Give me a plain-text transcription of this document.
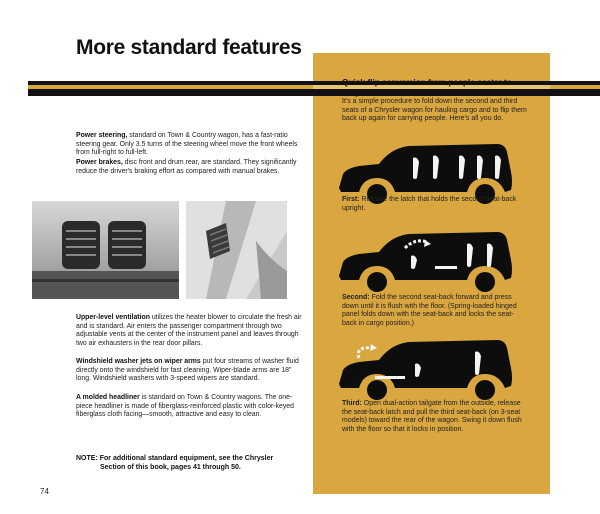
More standard features
Quick-flip conversion from people-seater to cargo carrier
It's a simple procedure to fold down the second and third seats of a Chrysler wagon for hauling cargo and to flip them back up again for carrying people. Here's all you do.
First: Release the latch that holds the second seat-back upright.
Second: Fold the second seat-back forward and press down until it is flush with the floor. (Spring-loaded hinged panel folds down with the seat-back and locks the seat-back in cargo position.)
Third: Open dual-action tailgate from the outside, release the seat-back latch and pull the third seat-back (on 3-seat models) toward the rear of the wagon. Swing it down flush with the floor so that it locks in position.
Power steering, standard on Town & Country wagon, has a fast-ratio steering gear. Only 3.5 turns of the steering wheel move the front wheels from full-right to full-left.
Power brakes, disc front and drum rear, are standard. They significantly reduce the driver's braking effort as compared with manual brakes.
Upper-level ventilation utilizes the heater blower to circulate the fresh air and is standard. Air enters the passenger compartment through two adjustable vents at the center of the instrument panel and leaves through two air exhausters in the rear door pillars.
Windshield washer jets on wiper arms put four streams of washer fluid directly onto the windshield for fast cleaning. Wiper-blade arms are 18" long. Windshield washers with 3-speed wipers are standard.
A molded headliner is standard on Town & Country wagons. The one-piece headliner is made of fiberglass-reinforced plastic with color-keyed fiberglass cloth facing—smooth, attractive and easy to clean.
NOTE: For additional standard equipment, see the Chrysler
Section of this book, pages 41 through 50.
74
